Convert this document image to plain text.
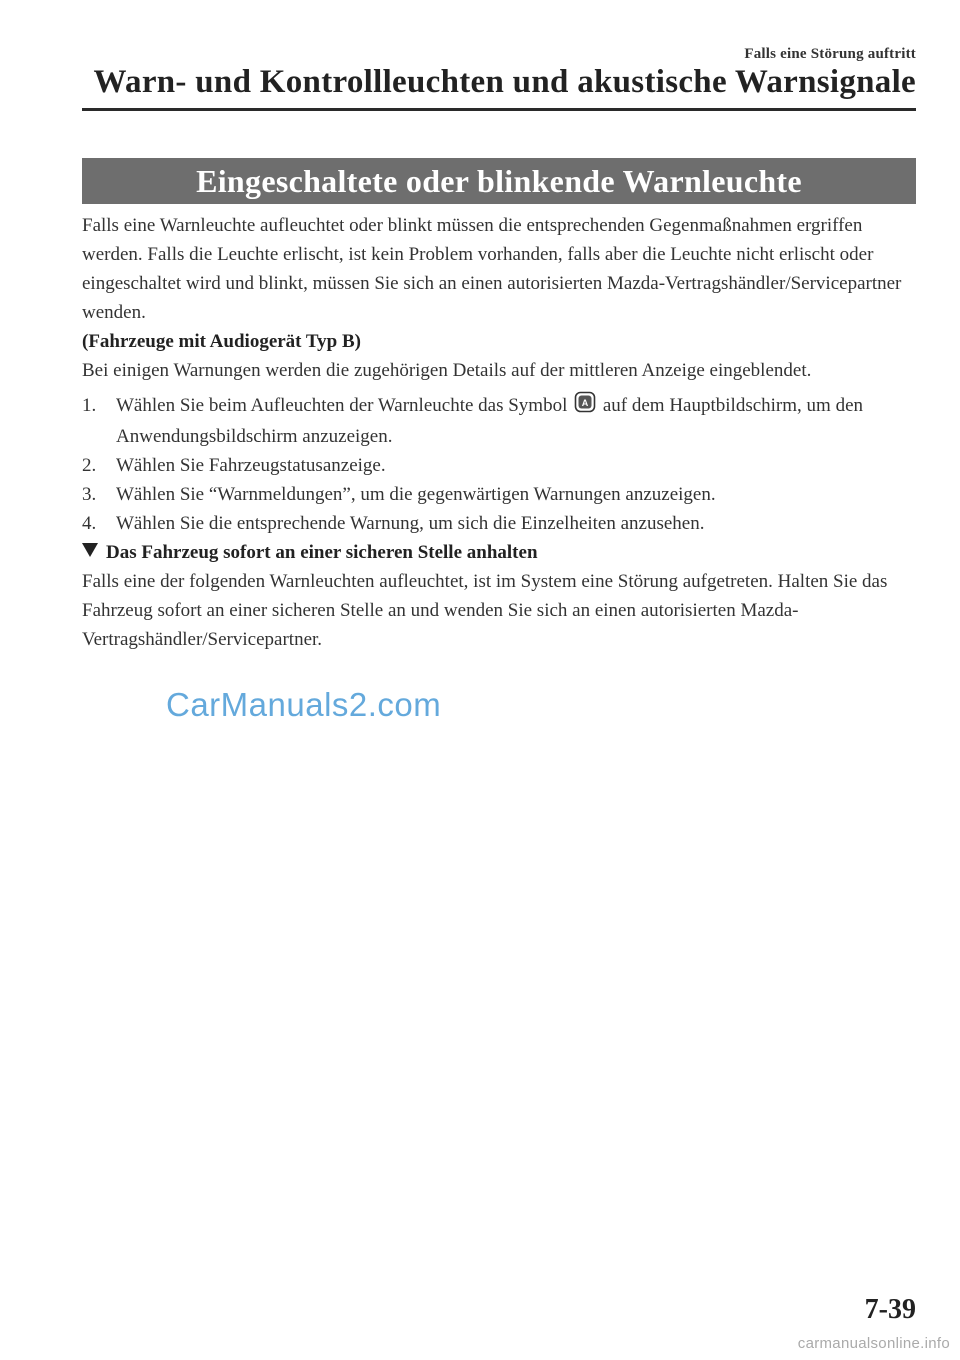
Falls eine Störung auftritt
Warn- und Kontrollleuchten und akustische Warnsignale
Eingeschaltete oder blinkende Warnleuchte

Falls eine Warnleuchte aufleuchtet oder blinkt müssen die entsprechenden Gegenmaßnahmen ergriffen werden. Falls die Leuchte erlischt, ist kein Problem vorhanden, falls aber die Leuchte nicht erlischt oder eingeschaltet wird und blinkt, müssen Sie sich an einen autorisierten Mazda-Vertragshändler/Servicepartner wenden.

(Fahrzeuge mit Audiogerät Typ B)

Bei einigen Warnungen werden die zugehörigen Details auf der mittleren Anzeige eingeblendet.

1. Wählen Sie beim Aufleuchten der Warnleuchte das Symbol A auf dem Hauptbildschirm, um den Anwendungsbildschirm anzuzeigen.
2. Wählen Sie Fahrzeugstatusanzeige.
3. Wählen Sie “Warnmeldungen”, um die gegenwärtigen Warnungen anzuzeigen.
4. Wählen Sie die entsprechende Warnung, um sich die Einzelheiten anzusehen.

Das Fahrzeug sofort an einer sicheren Stelle anhalten

Falls eine der folgenden Warnleuchten aufleuchtet, ist im System eine Störung aufgetreten. Halten Sie das Fahrzeug sofort an einer sicheren Stelle an und wenden Sie sich an einen autorisierten Mazda-Vertragshändler/Servicepartner.

CarManuals2.com
7-39
carmanualsonline.info
